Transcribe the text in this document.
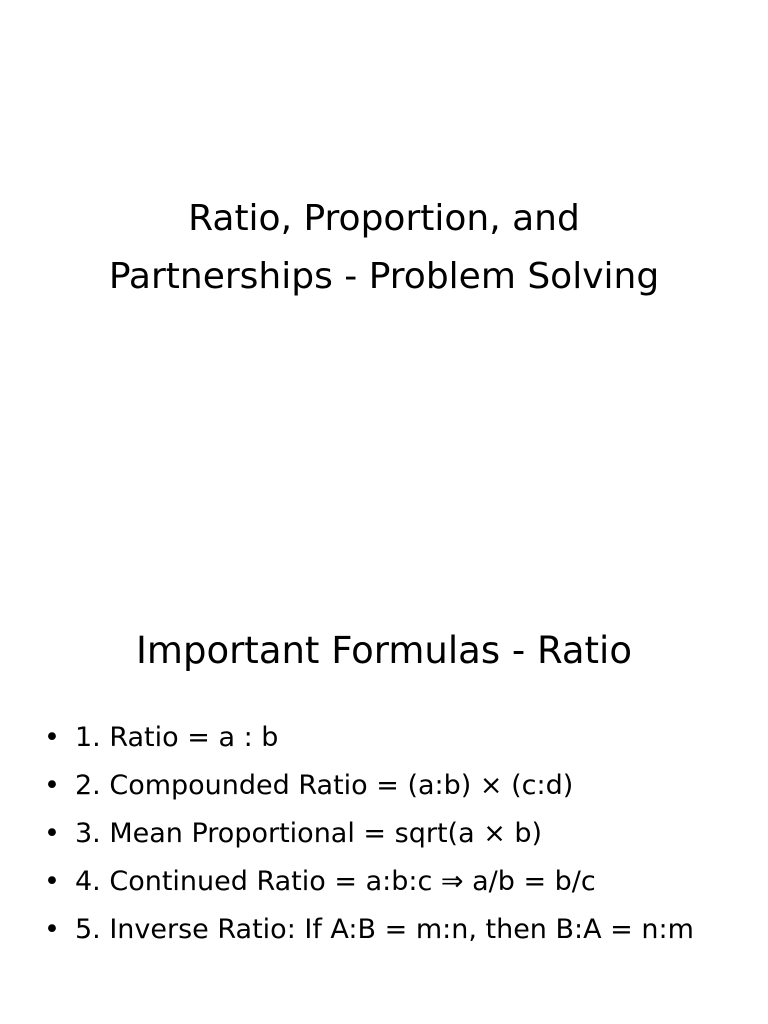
Ratio, Proportion, and
Partnerships - Problem Solving
Important Formulas - Ratio
• 1. Ratio = a : b
• 2. Compounded Ratio = (a:b) × (c:d)
• 3. Mean Proportional = sqrt(a × b)
• 4. Continued Ratio = a:b:c ⇒ a/b = b/c
• 5. Inverse Ratio: If A:B = m:n, then B:A = n:m
